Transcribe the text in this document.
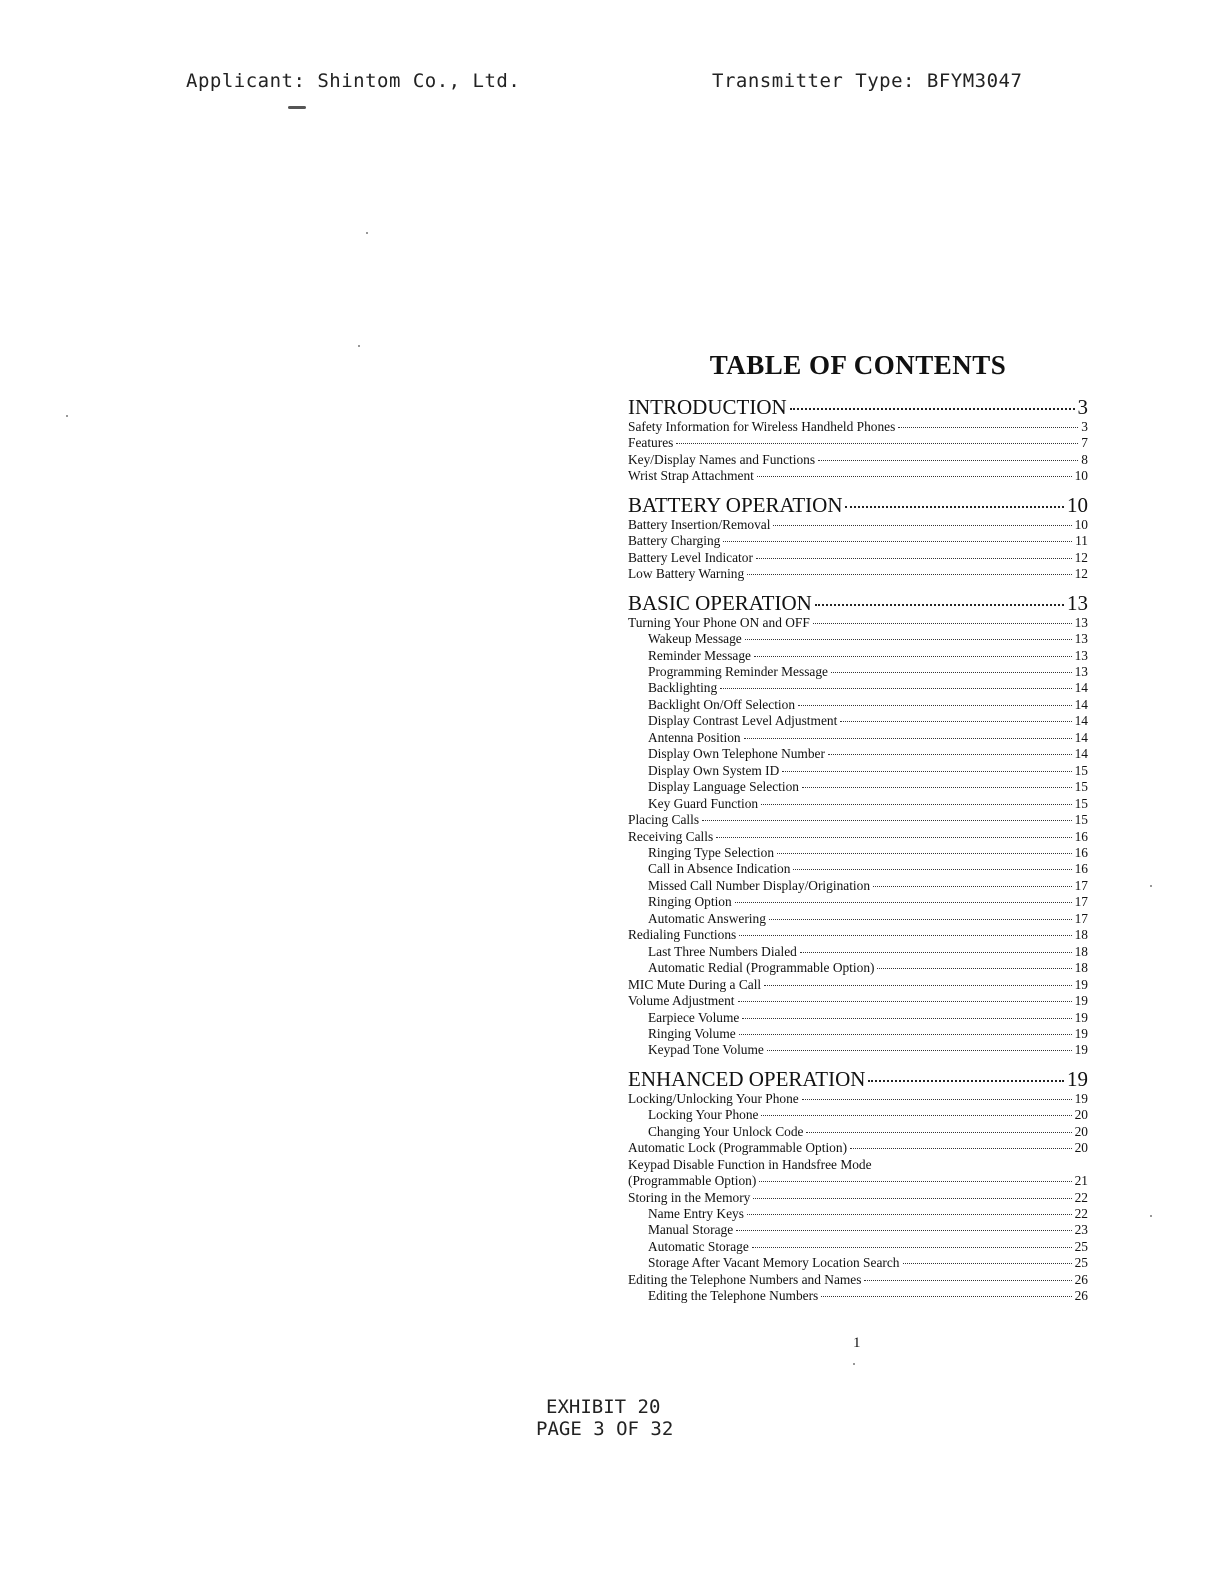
Applicant: Shintom Co., Ltd.	Transmitter Type: BFYM3047
TABLE OF CONTENTS
INTRODUCTION	3
Safety Information for Wireless Handheld Phones	3
Features	7
Key/Display Names and Functions	8
Wrist Strap Attachment	10
BATTERY OPERATION	10
Battery Insertion/Removal	10
Battery Charging	11
Battery Level Indicator	12
Low Battery Warning	12
BASIC OPERATION	13
Turning Your Phone ON and OFF	13
Wakeup Message	13
Reminder Message	13
Programming Reminder Message	13
Backlighting	14
Backlight On/Off Selection	14
Display Contrast Level Adjustment	14
Antenna Position	14
Display Own Telephone Number	14
Display Own System ID	15
Display Language Selection	15
Key Guard Function	15
Placing Calls	15
Receiving Calls	16
Ringing Type Selection	16
Call in Absence Indication	16
Missed Call Number Display/Origination	17
Ringing Option	17
Automatic Answering	17
Redialing Functions	18
Last Three Numbers Dialed	18
Automatic Redial (Programmable Option)	18
MIC Mute During a Call	19
Volume Adjustment	19
Earpiece Volume	19
Ringing Volume	19
Keypad Tone Volume	19
ENHANCED OPERATION	19
Locking/Unlocking Your Phone	19
Locking Your Phone	20
Changing Your Unlock Code	20
Automatic Lock (Programmable Option)	20
Keypad Disable Function in Handsfree Mode
(Programmable Option)	21
Storing in the Memory	22
Name Entry Keys	22
Manual Storage	23
Automatic Storage	25
Storage After Vacant Memory Location Search	25
Editing the Telephone Numbers and Names	26
Editing the Telephone Numbers	26
1
EXHIBIT 20
PAGE 3 OF 32
